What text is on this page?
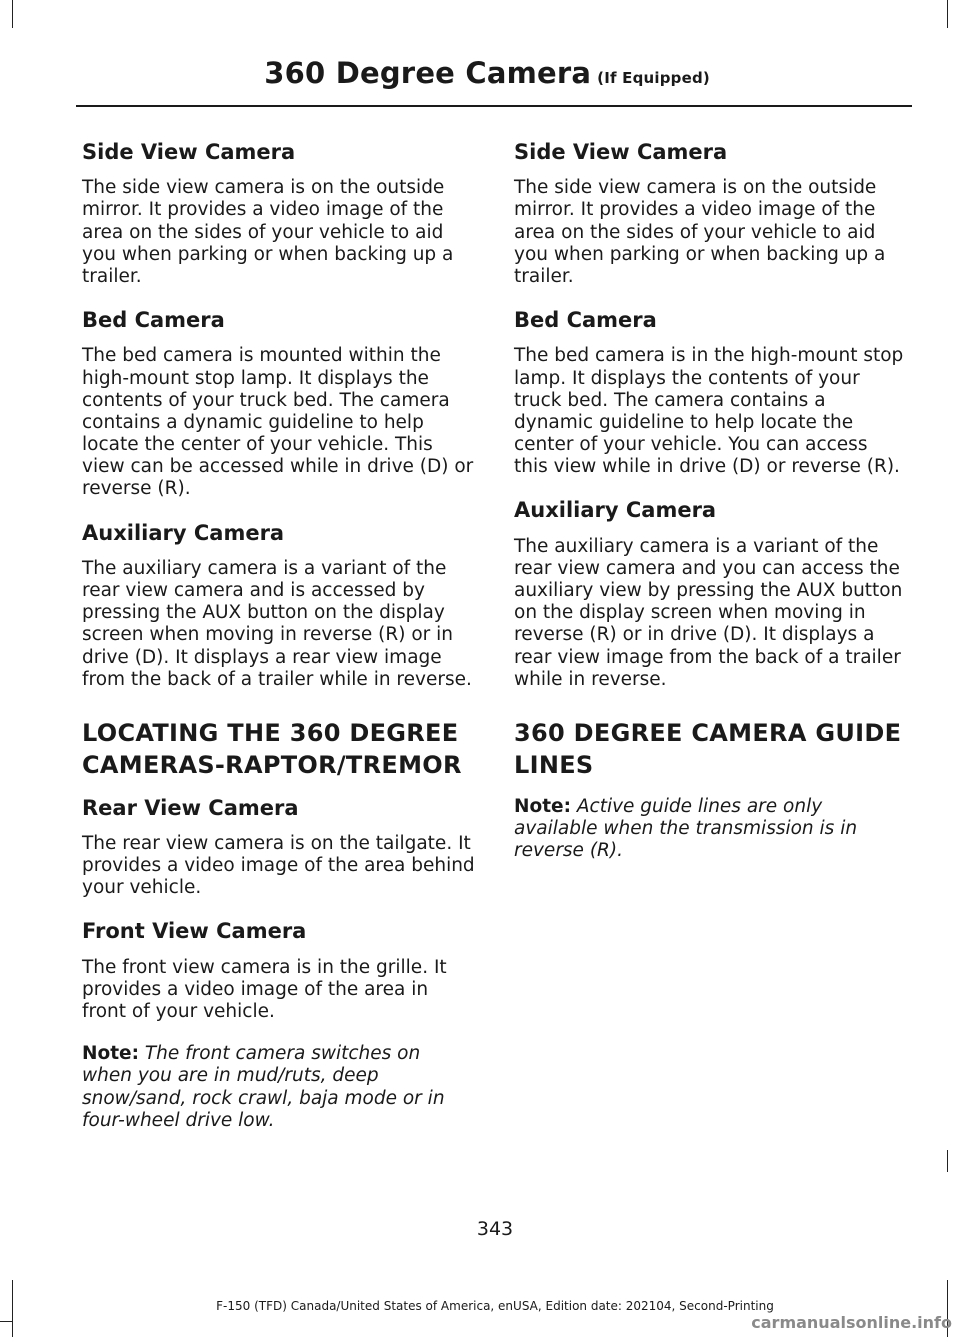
360 Degree Camera (If Equipped)
Side View Camera

The side view camera is on the outside mirror. It provides a video image of the area on the sides of your vehicle to aid you when parking or when backing up a trailer.

Bed Camera

The bed camera is mounted within the high-mount stop lamp. It displays the contents of your truck bed. The camera contains a dynamic guideline to help locate the center of your vehicle. This view can be accessed while in drive (D) or reverse (R).

Auxiliary Camera

The auxiliary camera is a variant of the rear view camera and is accessed by pressing the AUX button on the display screen when moving in reverse (R) or in drive (D). It displays a rear view image from the back of a trailer while in reverse.

LOCATING THE 360 DEGREE
CAMERAS-RAPTOR/TREMOR
Rear View Camera

The rear view camera is on the tailgate. It provides a video image of the area behind your vehicle.

Front View Camera

The front view camera is in the grille. It provides a video image of the area in front of your vehicle.

Note: The front camera switches on when you are in mud/ruts, deep snow/sand, rock crawl, baja mode or in four-wheel drive low.

Side View Camera

The side view camera is on the outside mirror. It provides a video image of the area on the sides of your vehicle to aid you when parking or when backing up a trailer.

Bed Camera

The bed camera is in the high-mount stop lamp. It displays the contents of your truck bed. The camera contains a dynamic guideline to help locate the center of your vehicle. You can access this view while in drive (D) or reverse (R).

Auxiliary Camera

The auxiliary camera is a variant of the rear view camera and you can access the auxiliary view by pressing the AUX button on the display screen when moving in reverse (R) or in drive (D). It displays a rear view image from the back of a trailer while in reverse.

360 DEGREE CAMERA GUIDE
LINES

Note: Active guide lines are only available when the transmission is in reverse (R).

343
F-150 (TFD) Canada/United States of America, enUSA, Edition date: 202104, Second-Printing
carmanualsonline.info
